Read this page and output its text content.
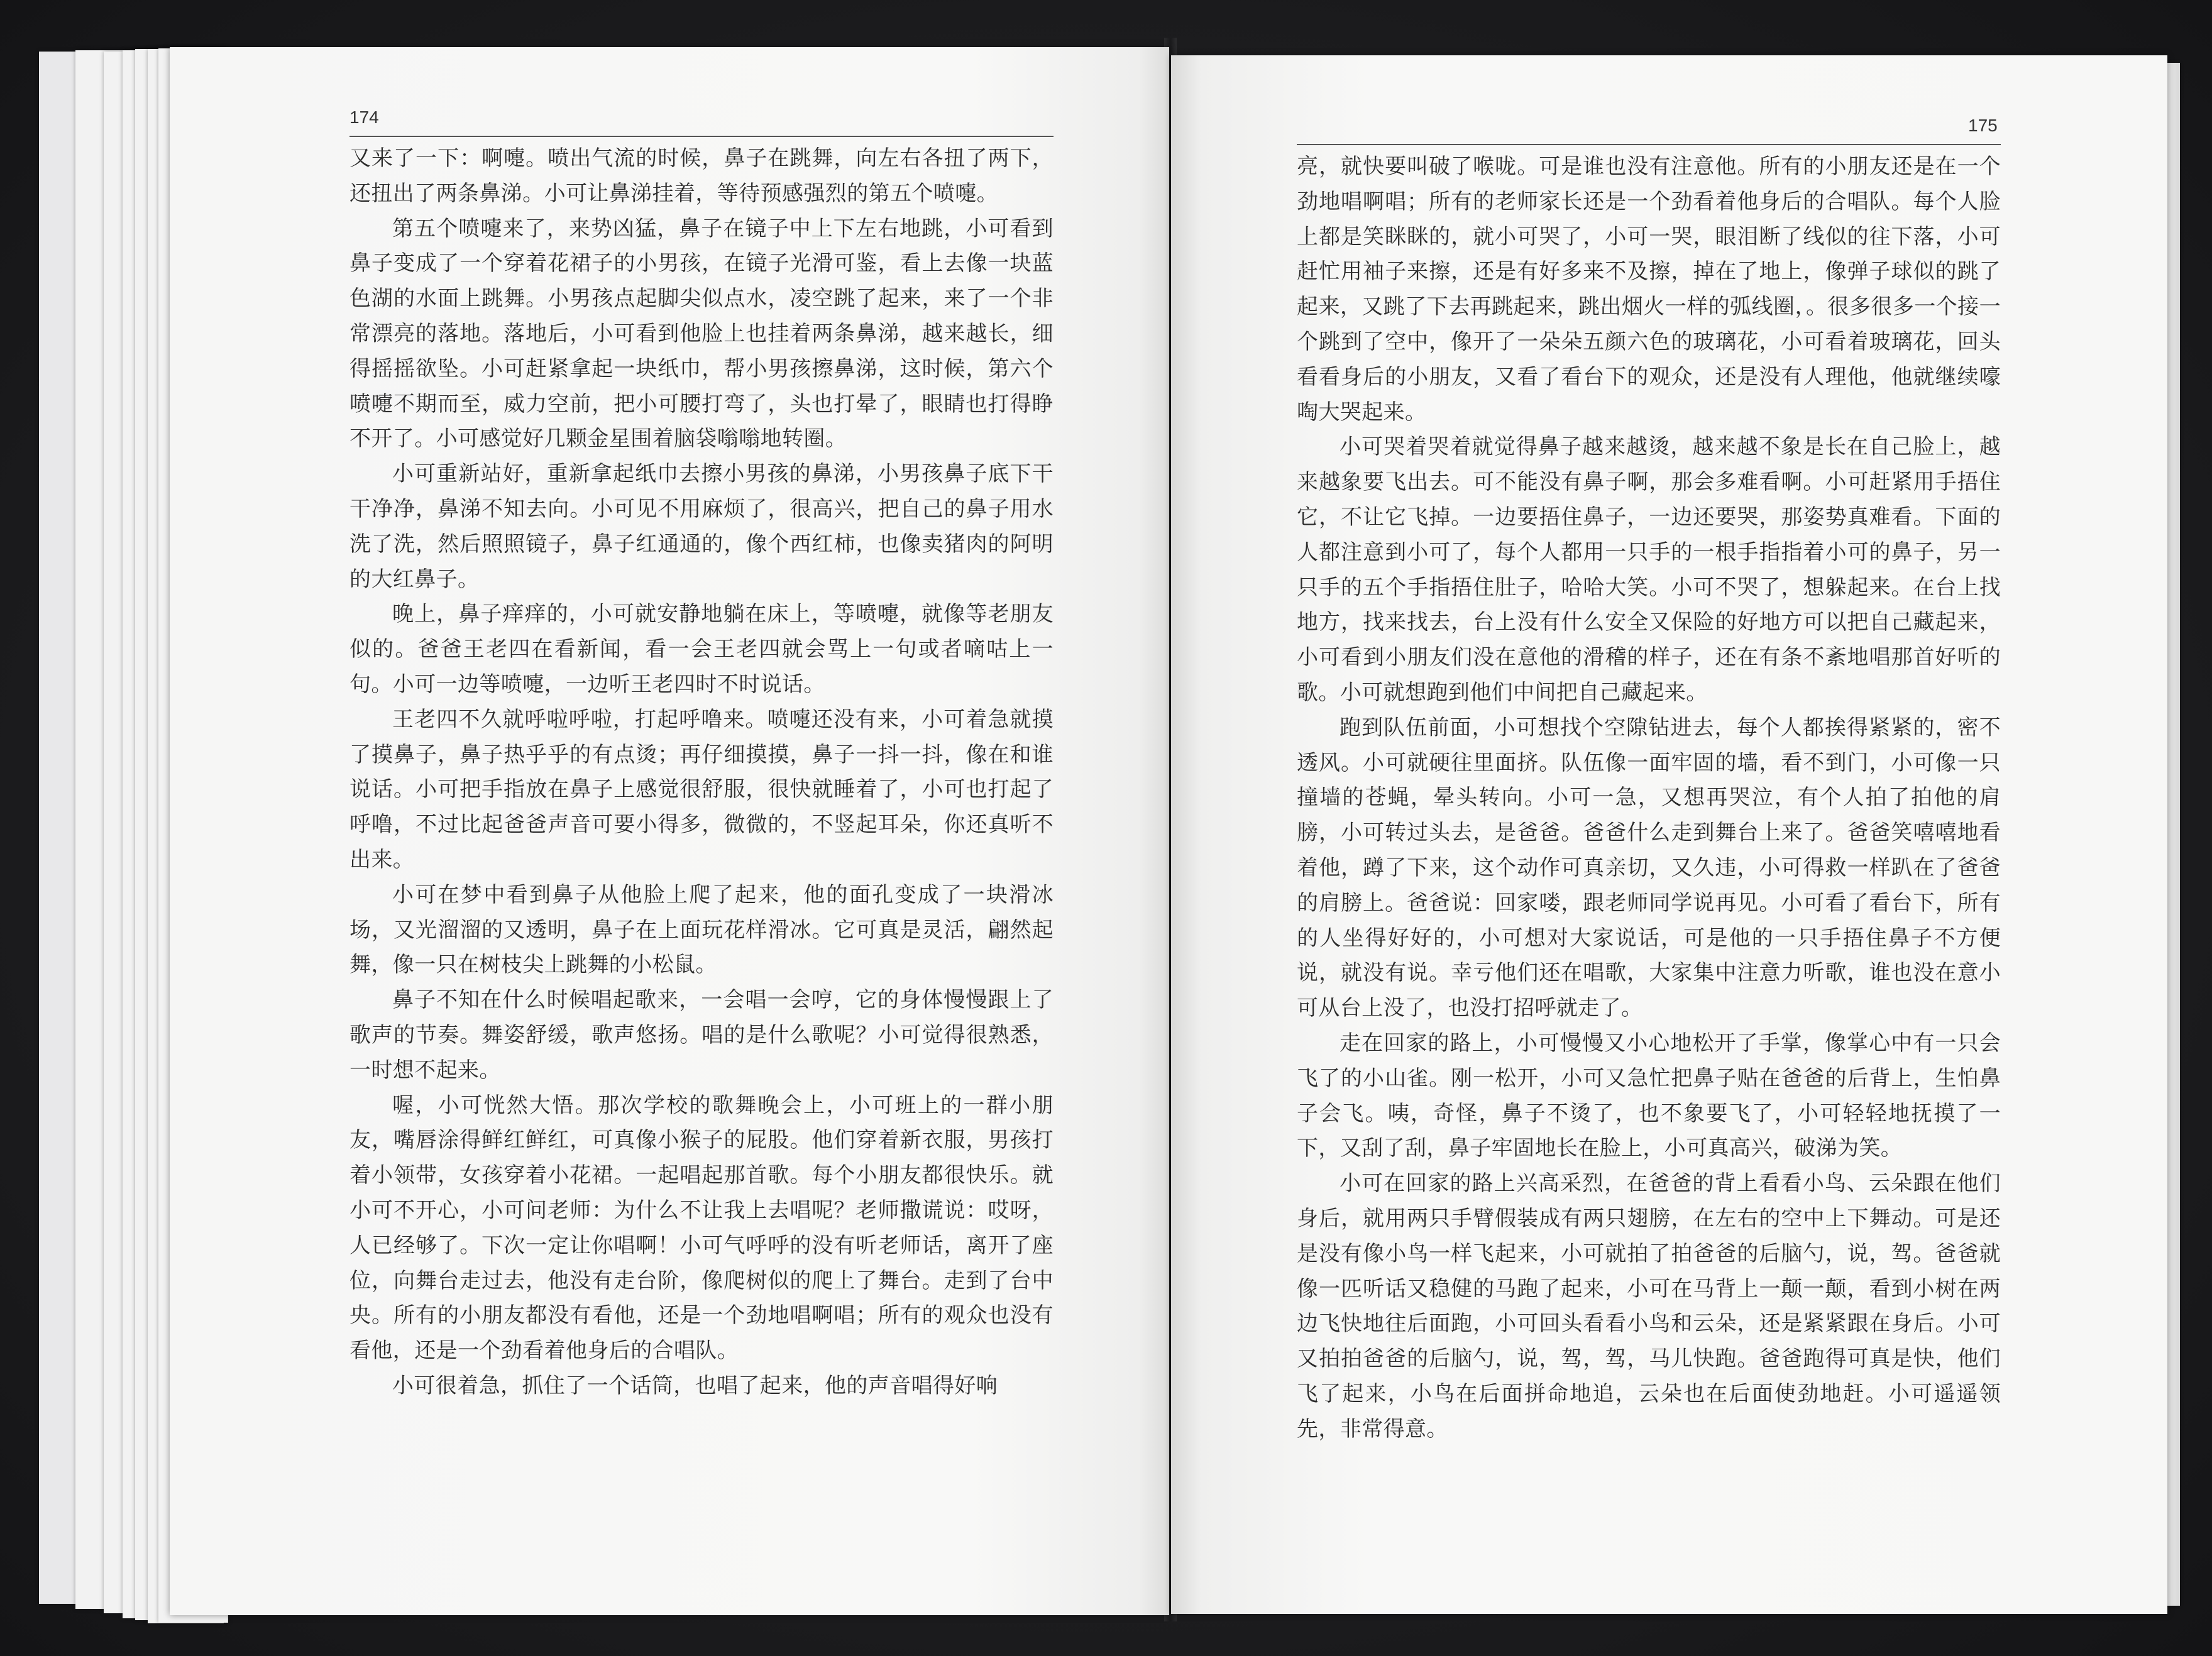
174

又来了一下：啊嚏。喷出气流的时候，鼻子在跳舞，向左右各扭了两下，还扭出了两条鼻涕。小可让鼻涕挂着，等待预感强烈的第五个喷嚏。

第五个喷嚏来了，来势凶猛，鼻子在镜子中上下左右地跳，小可看到鼻子变成了一个穿着花裙子的小男孩，在镜子光滑可鉴，看上去像一块蓝色湖的水面上跳舞。小男孩点起脚尖似点水，凌空跳了起来，来了一个非常漂亮的落地。落地后，小可看到他脸上也挂着两条鼻涕，越来越长，细得摇摇欲坠。小可赶紧拿起一块纸巾，帮小男孩擦鼻涕，这时候，第六个喷嚏不期而至，威力空前，把小可腰打弯了，头也打晕了，眼睛也打得睁不开了。小可感觉好几颗金星围着脑袋嗡嗡地转圈。

小可重新站好，重新拿起纸巾去擦小男孩的鼻涕，小男孩鼻子底下干干净净，鼻涕不知去向。小可见不用麻烦了，很高兴，把自己的鼻子用水洗了洗，然后照照镜子，鼻子红通通的，像个西红柿，也像卖猪肉的阿明的大红鼻子。

晚上，鼻子痒痒的，小可就安静地躺在床上，等喷嚏，就像等老朋友似的。爸爸王老四在看新闻，看一会王老四就会骂上一句或者嘀咕上一句。小可一边等喷嚏，一边听王老四时不时说话。

王老四不久就呼啦呼啦，打起呼噜来。喷嚏还没有来，小可着急就摸了摸鼻子，鼻子热乎乎的有点烫；再仔细摸摸，鼻子一抖一抖，像在和谁说话。小可把手指放在鼻子上感觉很舒服，很快就睡着了，小可也打起了呼噜，不过比起爸爸声音可要小得多，微微的，不竖起耳朵，你还真听不出来。

小可在梦中看到鼻子从他脸上爬了起来，他的面孔变成了一块滑冰场，又光溜溜的又透明，鼻子在上面玩花样滑冰。它可真是灵活，翩然起舞，像一只在树枝尖上跳舞的小松鼠。

鼻子不知在什么时候唱起歌来，一会唱一会哼，它的身体慢慢跟上了歌声的节奏。舞姿舒缓，歌声悠扬。唱的是什么歌呢？小可觉得很熟悉，一时想不起来。

喔，小可恍然大悟。那次学校的歌舞晚会上，小可班上的一群小朋友，嘴唇涂得鲜红鲜红，可真像小猴子的屁股。他们穿着新衣服，男孩打着小领带，女孩穿着小花裙。一起唱起那首歌。每个小朋友都很快乐。就小可不开心，小可问老师：为什么不让我上去唱呢？老师撒谎说：哎呀，人已经够了。下次一定让你唱啊！小可气呼呼的没有听老师话，离开了座位，向舞台走过去，他没有走台阶，像爬树似的爬上了舞台。走到了台中央。所有的小朋友都没有看他，还是一个劲地唱啊唱；所有的观众也没有看他，还是一个劲看着他身后的合唱队。

小可很着急，抓住了一个话筒，也唱了起来，他的声音唱得好响

175

亮，就快要叫破了喉咙。可是谁也没有注意他。所有的小朋友还是在一个劲地唱啊唱；所有的老师家长还是一个劲看着他身后的合唱队。每个人脸上都是笑眯眯的，就小可哭了，小可一哭，眼泪断了线似的往下落，小可赶忙用袖子来擦，还是有好多来不及擦，掉在了地上，像弹子球似的跳了起来，又跳了下去再跳起来，跳出烟火一样的弧线圈，。很多很多一个接一个跳到了空中，像开了一朵朵五颜六色的玻璃花，小可看着玻璃花，回头看看身后的小朋友，又看了看台下的观众，还是没有人理他，他就继续嚎啕大哭起来。

小可哭着哭着就觉得鼻子越来越烫，越来越不象是长在自己脸上，越来越象要飞出去。可不能没有鼻子啊，那会多难看啊。小可赶紧用手捂住它，不让它飞掉。一边要捂住鼻子，一边还要哭，那姿势真难看。下面的人都注意到小可了，每个人都用一只手的一根手指指着小可的鼻子，另一只手的五个手指捂住肚子，哈哈大笑。小可不哭了，想躲起来。在台上找地方，找来找去，台上没有什么安全又保险的好地方可以把自己藏起来，小可看到小朋友们没在意他的滑稽的样子，还在有条不紊地唱那首好听的歌。小可就想跑到他们中间把自己藏起来。

跑到队伍前面，小可想找个空隙钻进去，每个人都挨得紧紧的，密不透风。小可就硬往里面挤。队伍像一面牢固的墙，看不到门，小可像一只撞墙的苍蝇，晕头转向。小可一急，又想再哭泣，有个人拍了拍他的肩膀，小可转过头去，是爸爸。爸爸什么走到舞台上来了。爸爸笑嘻嘻地看着他，蹲了下来，这个动作可真亲切，又久违，小可得救一样趴在了爸爸的肩膀上。爸爸说：回家喽，跟老师同学说再见。小可看了看台下，所有的人坐得好好的，小可想对大家说话，可是他的一只手捂住鼻子不方便说，就没有说。幸亏他们还在唱歌，大家集中注意力听歌，谁也没在意小可从台上没了，也没打招呼就走了。

走在回家的路上，小可慢慢又小心地松开了手掌，像掌心中有一只会飞了的小山雀。刚一松开，小可又急忙把鼻子贴在爸爸的后背上，生怕鼻子会飞。咦，奇怪，鼻子不烫了，也不象要飞了，小可轻轻地抚摸了一下，又刮了刮，鼻子牢固地长在脸上，小可真高兴，破涕为笑。

小可在回家的路上兴高采烈，在爸爸的背上看看小鸟、云朵跟在他们身后，就用两只手臂假装成有两只翅膀，在左右的空中上下舞动。可是还是没有像小鸟一样飞起来，小可就拍了拍爸爸的后脑勺，说，驾。爸爸就像一匹听话又稳健的马跑了起来，小可在马背上一颠一颠，看到小树在两边飞快地往后面跑，小可回头看看小鸟和云朵，还是紧紧跟在身后。小可又拍拍爸爸的后脑勺，说，驾，驾，马儿快跑。爸爸跑得可真是快，他们飞了起来，小鸟在后面拼命地追，云朵也在后面使劲地赶。小可遥遥领先，非常得意。
